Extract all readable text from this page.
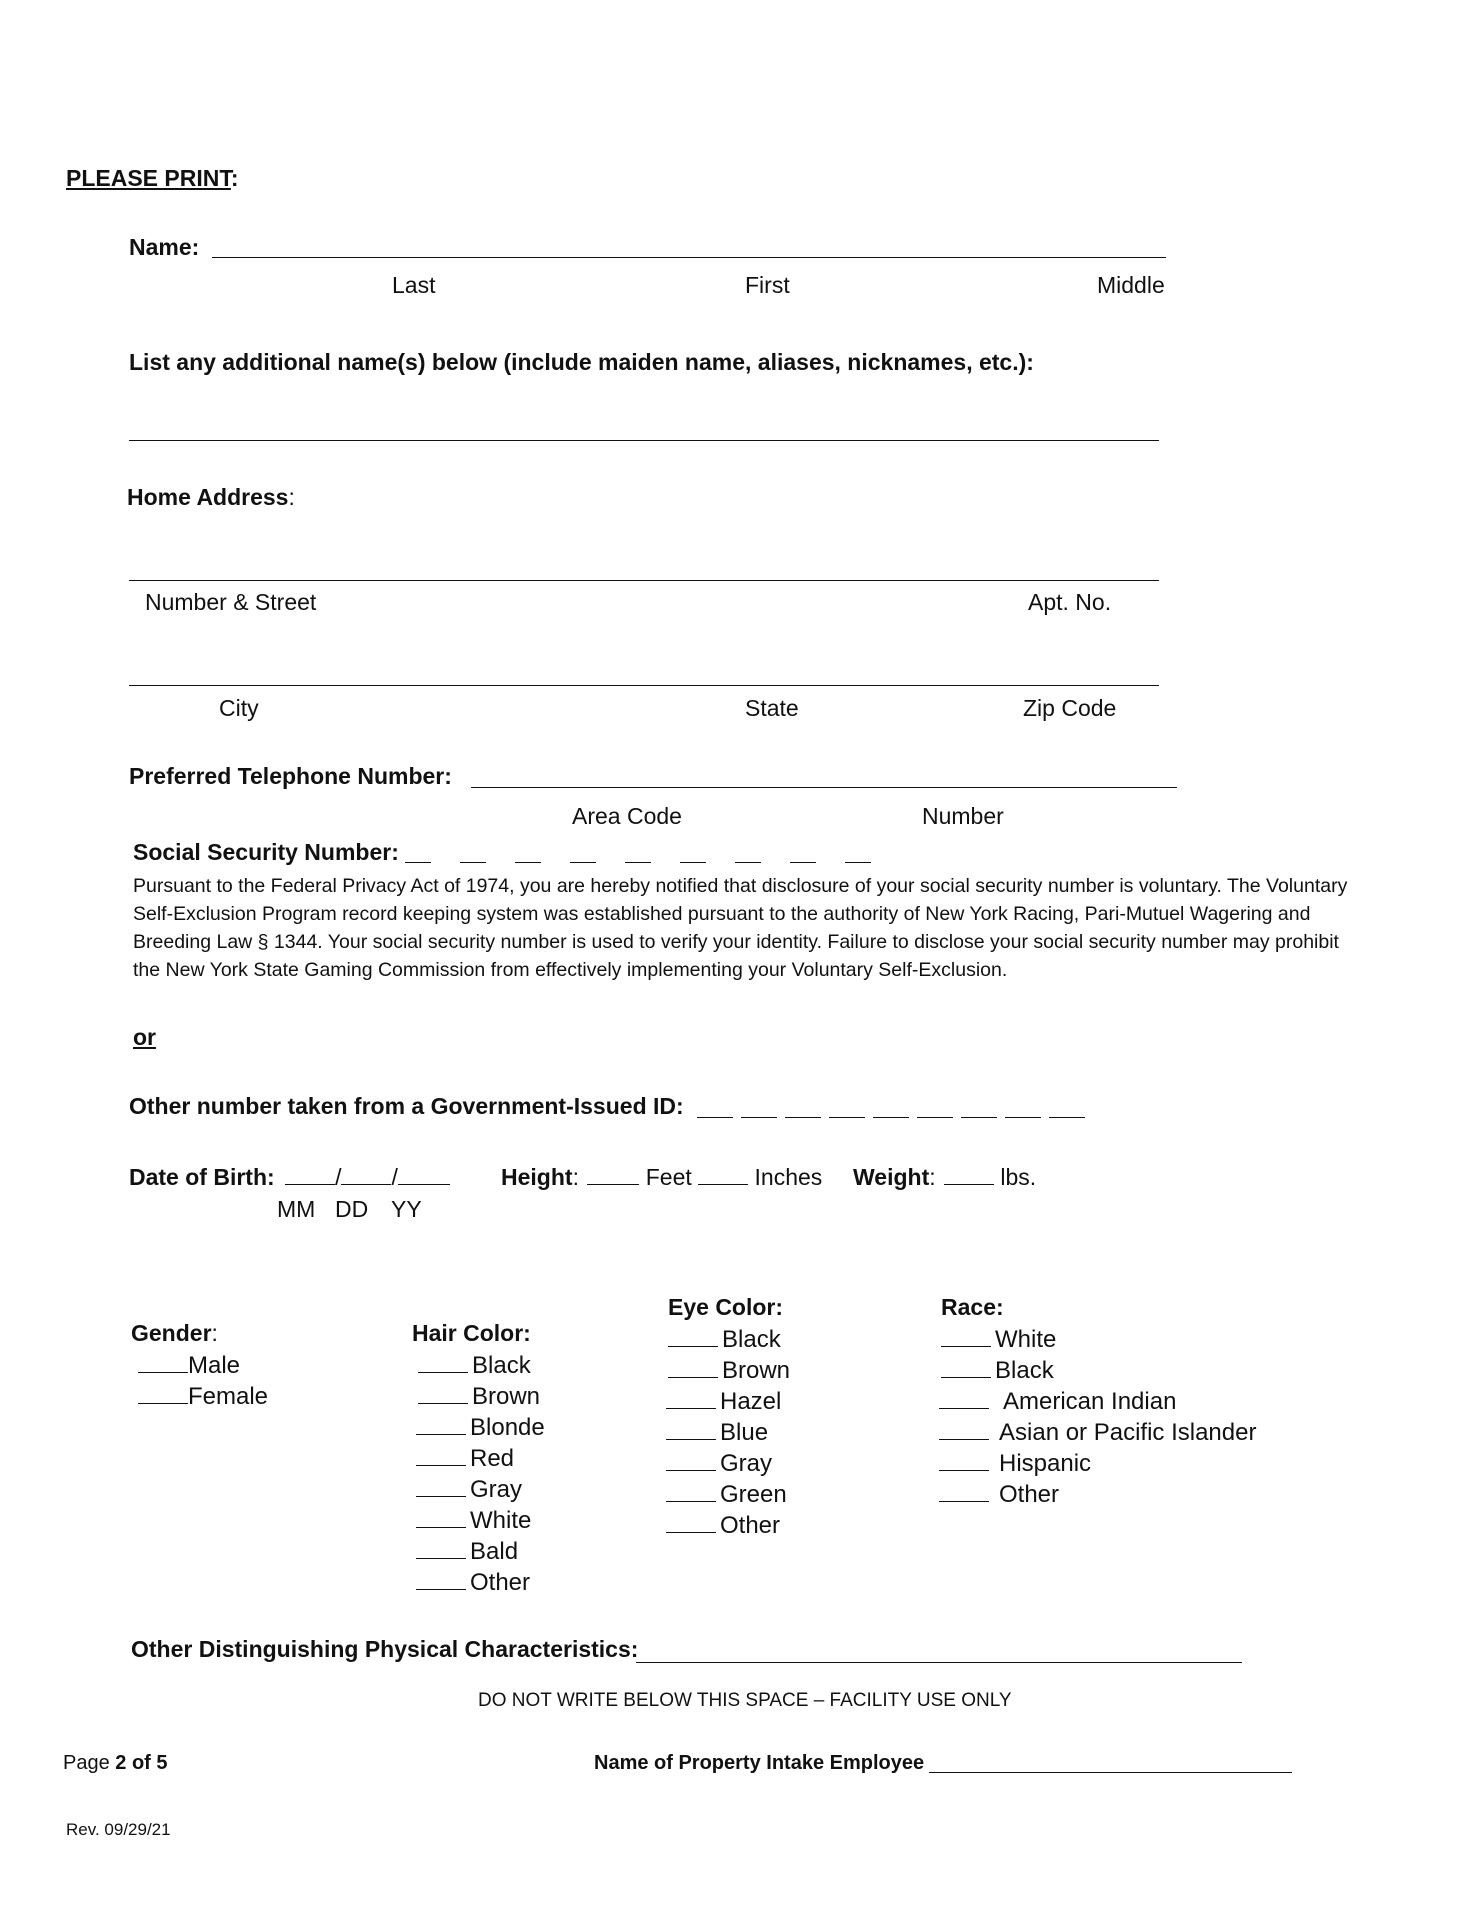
PLEASE PRINT:
Name:
Last	First	Middle
List any additional name(s) below (include maiden name, aliases, nicknames, etc.):
Home Address:
Number & Street	Apt. No.
City	State	Zip Code
Preferred Telephone Number:
Area Code	Number
Social Security Number:
Pursuant to the Federal Privacy Act of 1974, you are hereby notified that disclosure of your social security number is voluntary. The Voluntary Self-Exclusion Program record keeping system was established pursuant to the authority of New York Racing, Pari-Mutuel Wagering and Breeding Law § 1344. Your social security number is used to verify your identity. Failure to disclose your social security number may prohibit the New York State Gaming Commission from effectively implementing your Voluntary Self-Exclusion.
or
Other number taken from a Government-Issued ID:
Date of Birth:	/ /
MM DD YY
Height:	Feet	Inches Weight:	lbs.
Gender:
Male
Female
Hair Color:
Black
Brown
Blonde
Red
Gray
White
Bald
Other
Eye Color:
Black
Brown
Hazel
Blue
Gray
Green
Other
Race:
White
Black
American Indian
Asian or Pacific Islander
Hispanic
Other
Other Distinguishing Physical Characteristics:
DO NOT WRITE BELOW THIS SPACE – FACILITY USE ONLY
Page 2 of 5	Name of Property Intake Employee
Rev. 09/29/21
